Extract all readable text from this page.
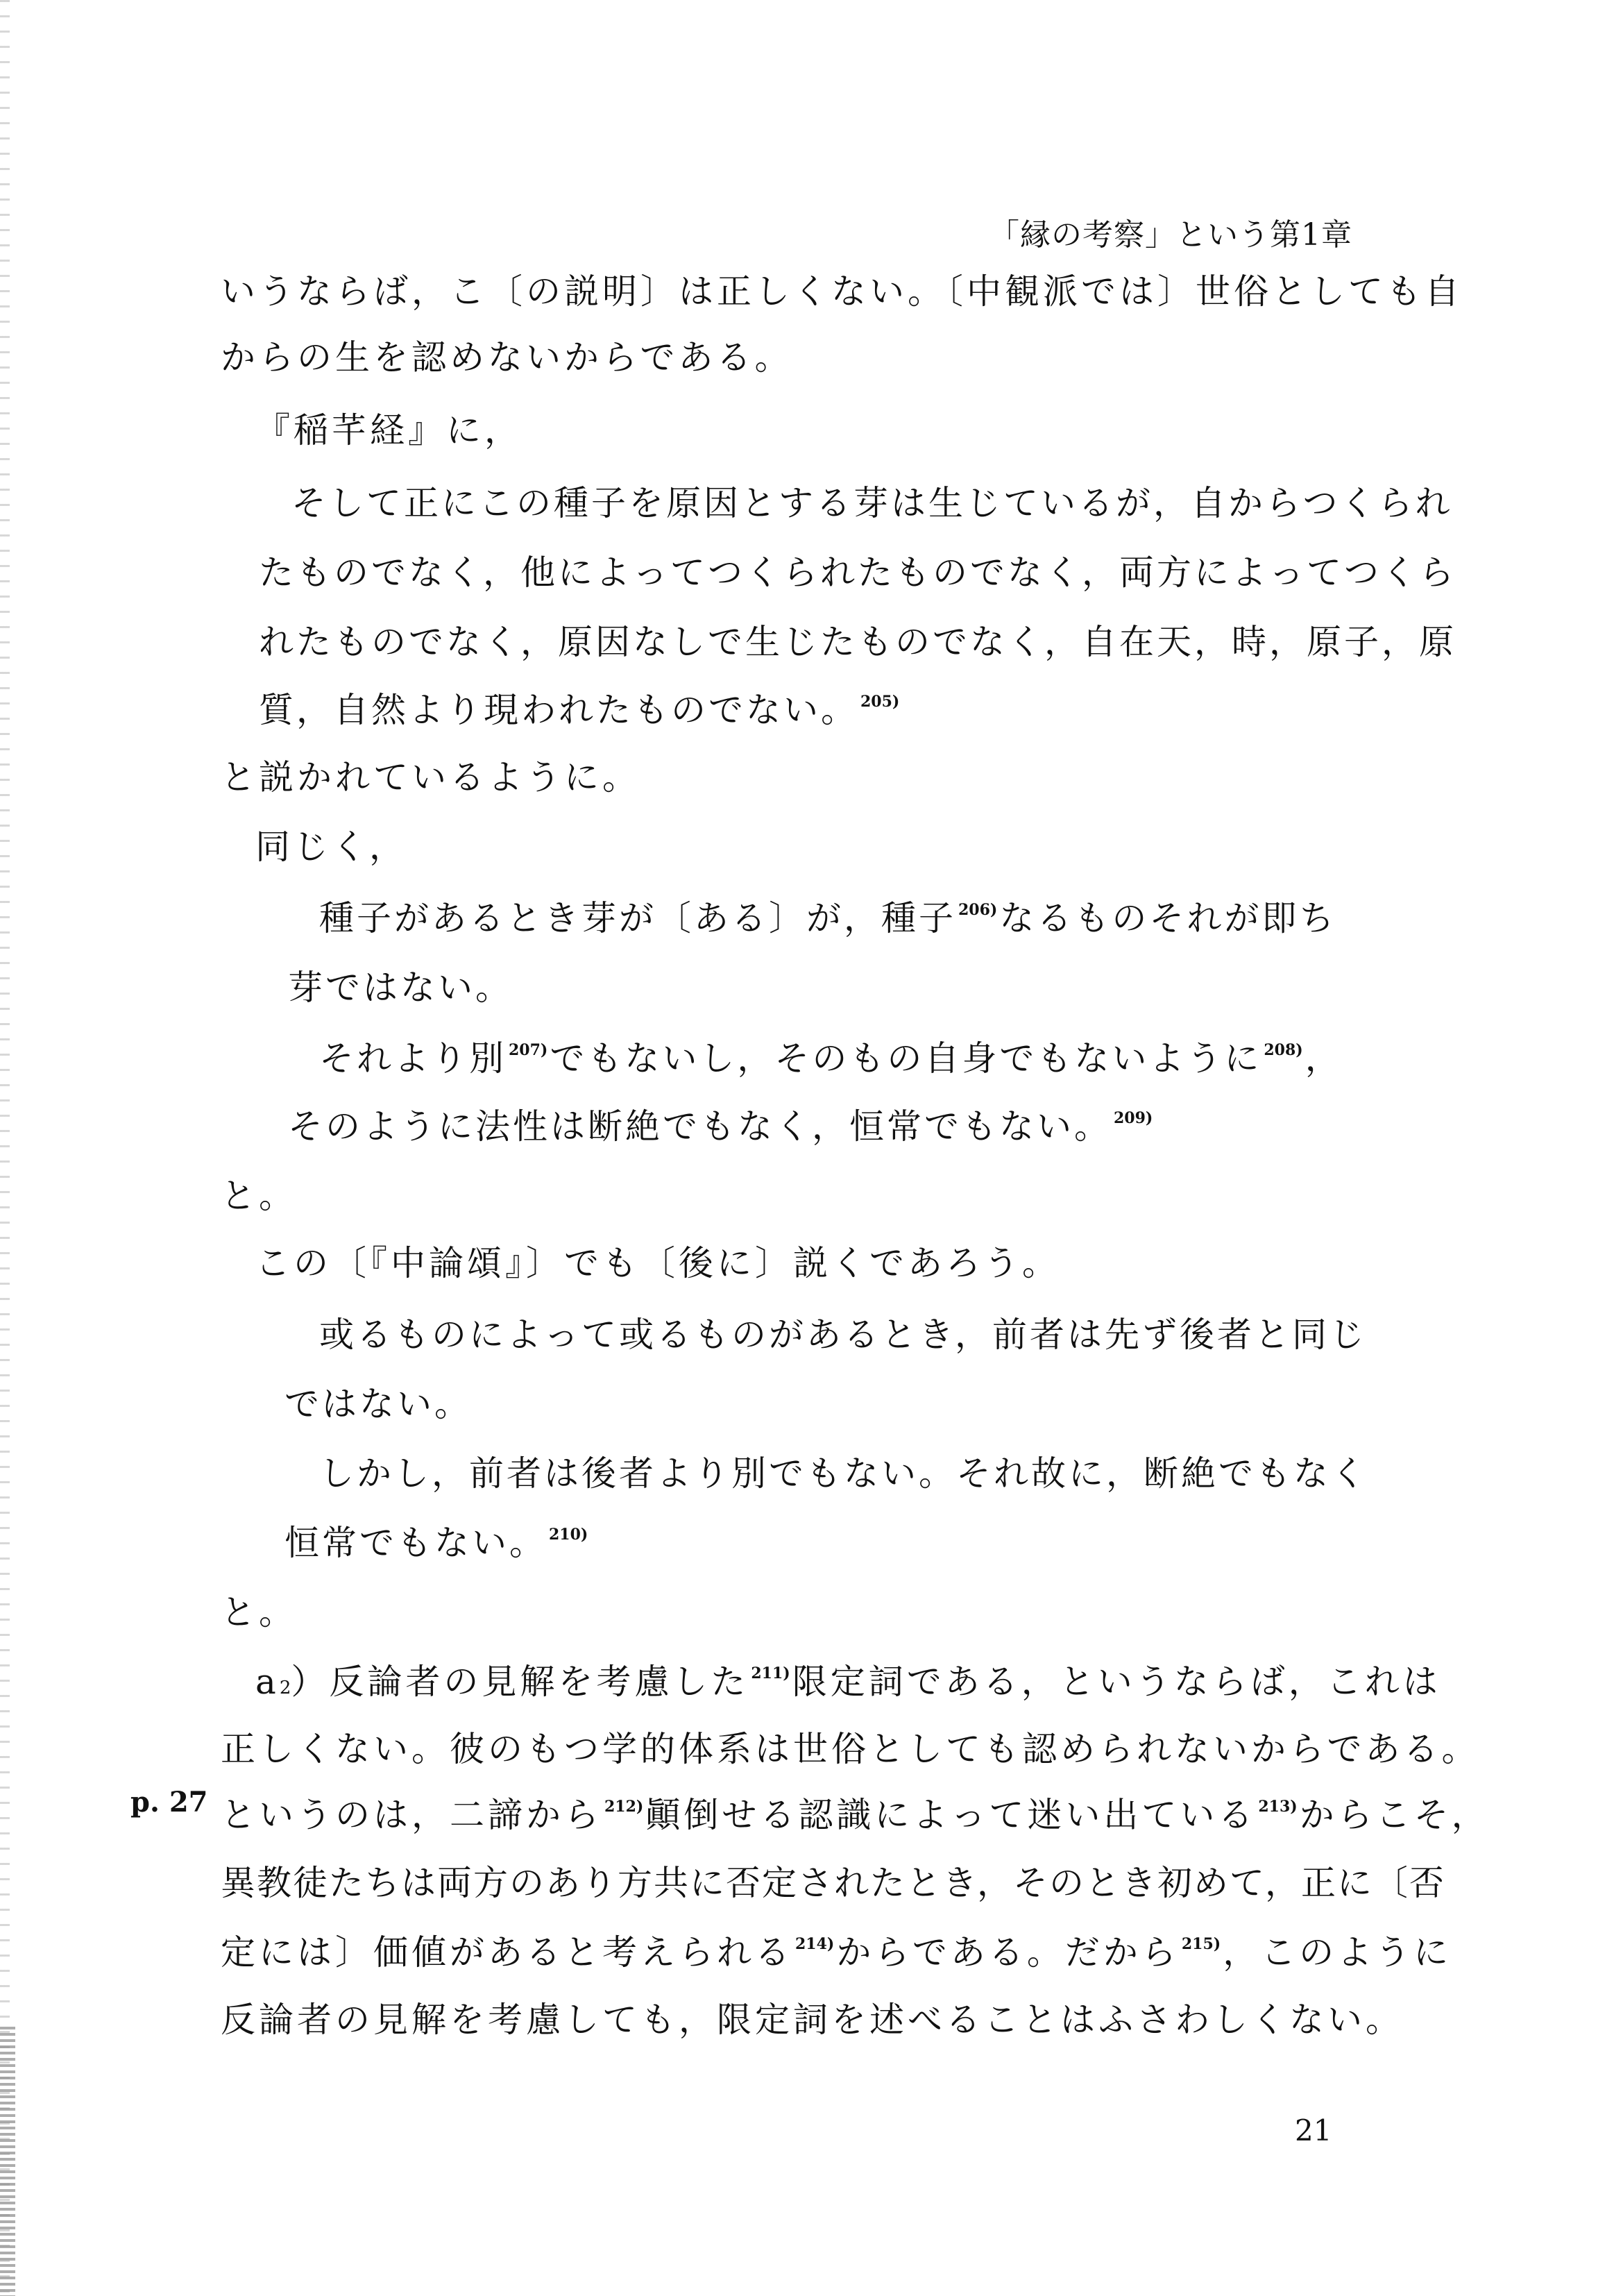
「縁の考察」という第1章
いうならば，こ〔の説明〕は正しくない。〔中観派では〕世俗としても自
からの生を認めないからである。
『稲芊経』に，
そして正にこの種子を原因とする芽は生じているが，自からつくられ
たものでなく，他によってつくられたものでなく，両方によってつくら
れたものでなく，原因なしで生じたものでなく，自在天，時，原子，原
質，自然より現われたものでない。 $^{205)}$
と説かれているように。
同じく，
種子があるとき芽が〔ある〕が，種子 $^{206)}$なるものそれが即ち
芽ではない。
それより別 $^{207)}$でもないし，そのもの自身でもないように $^{208)}$，
そのように法性は断絶でもなく，恒常でもない。 $^{209)}$
と。
この〔『中論頌』〕でも〔後に〕説くであろう。
或るものによって或るものがあるとき，前者は先ず後者と同じ
ではない。
しかし，前者は後者より別でもない。それ故に，断絶でもなく
恒常でもない。 $^{210)}$
と。
a2）反論者の見解を考慮した $^{211)}$限定詞である，というならば，これは
正しくない。彼のもつ学的体系は世俗としても認められないからである。
p. 27 というのは，二諦から $^{212)}$顚倒せる認識によって迷い出ている $^{213)}$からこそ，
異教徒たちは両方のあり方共に否定されたとき，そのとき初めて，正に〔否
定には〕価値があると考えられる $^{214)}$からである。だから $^{215)}$，このように
反論者の見解を考慮しても，限定詞を述べることはふさわしくない。
21
